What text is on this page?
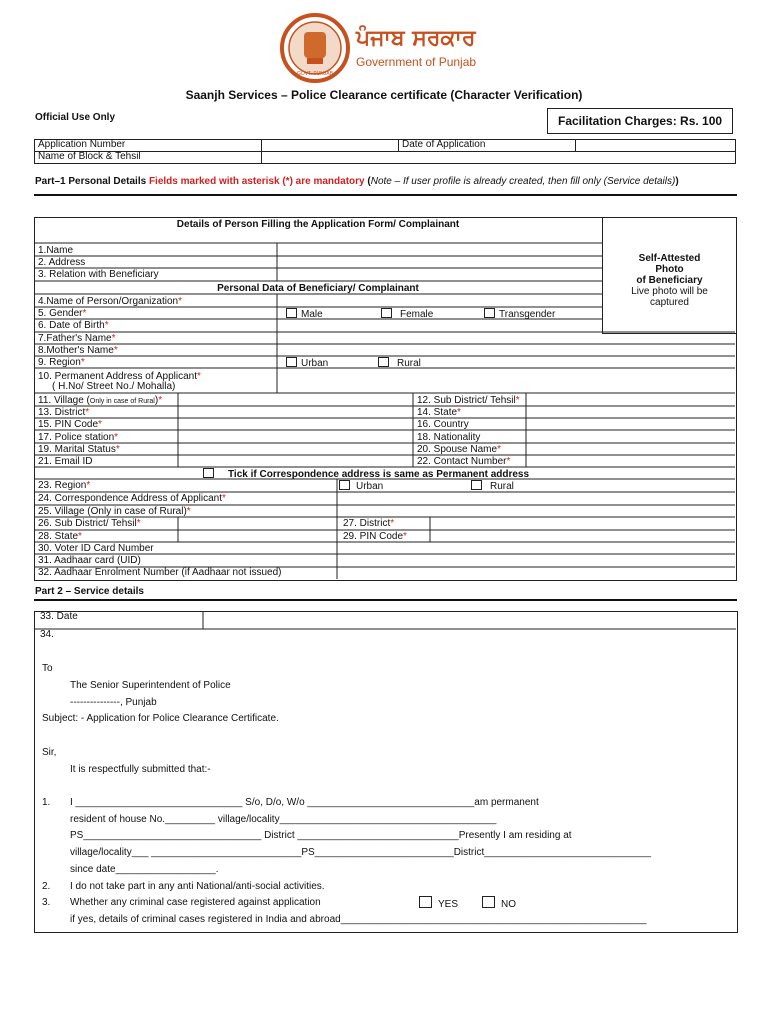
GOVT. PUNJAB
ਪੰਜਾਬ ਸਰਕਾਰ
Government of Punjab
Saanjh Services – Police Clearance certificate (Character Verification)
Official Use Only	Facilitation Charges: Rs. 100
Application Number		Date of Application	
Name of Block & Tehsil			
Part–1 Personal Details Fields marked with asterisk (*) are mandatory (Note – If user profile is already created, then fill only (Service details))
Self-Attested
Photo
of Beneficiary
Live photo will be
captured
Details of Person Filling the Application Form/ Complainant
1.Name
2. Address
3. Relation with Beneficiary
Personal Data of Beneficiary/ Complainant
4.Name of Person/Organization *
5. Gender *	Male	Female	Transgender
6. Date of Birth *
7.Father's Name *
8.Mother's Name *
9. Region *	Urban	Rural
10. Permanent Address of Applicant *
( H.No/ Street No./ Mohalla)
11. Village (Only in case of Rural)*	12. Sub District/ Tehsil *
13. District *	14. State *
15. PIN Code *	16. Country
17. Police station *	18. Nationality
19. Marital Status *	20. Spouse Name *
21. Email ID	22. Contact Number *
Tick if Correspondence address is same as Permanent address
23. Region *	Urban	Rural
24. Correspondence Address of Applicant *
25. Village (Only in case of Rural) *
26. Sub District/ Tehsil *	27. District *
28. State *	29. PIN Code *
30. Voter ID Card Number
31. Aadhaar card (UID)
32. Aadhaar Enrolment Number (if Aadhaar not issued)
Part 2 – Service details
33. Date
34.
To
The Senior Superintendent of Police
---------------, Punjab
Subject: - Application for Police Clearance Certificate.
Sir,
It is respectfully submitted that:-
1. I ______________________________ S/o, D/o, W/o ______________________________am permanent
resident of house No._________ village/locality_______________________________________
PS________________________________ District _____________________________Presently I am residing at
village/locality___ ___________________________PS_________________________District______________________________
since date__________________.
2. I do not take part in any anti National/anti-social activities.
3. Whether any criminal case registered against application	YES	NO
if yes, details of criminal cases registered in India and abroad_______________________________________________________
